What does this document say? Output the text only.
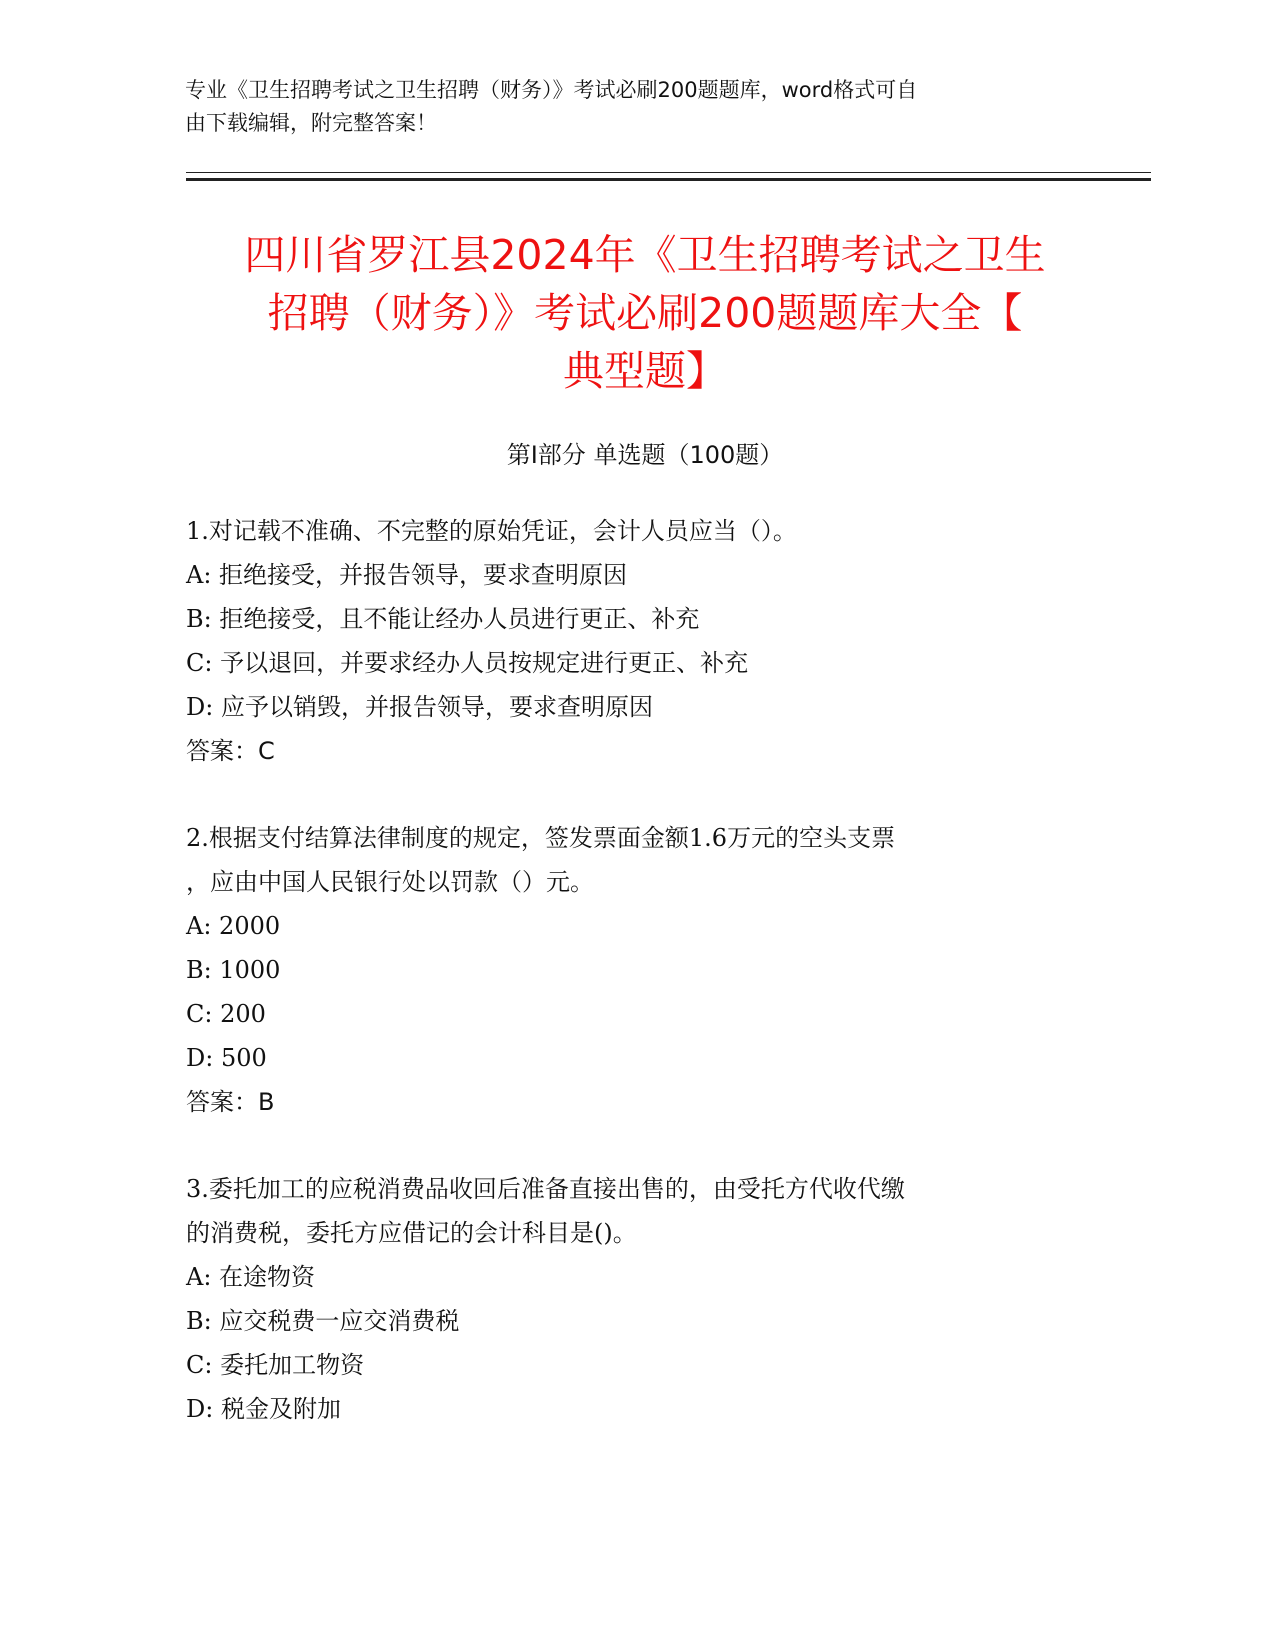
专业《卫生招聘考试之卫生招聘（财务）》考试必刷200题题库，word格式可自
由下载编辑，附完整答案！
四川省罗江县2024年《卫生招聘考试之卫生
招聘（财务）》考试必刷200题题库大全【
典型题】
第I部分 单选题（100题）
1.对记载不准确、不完整的原始凭证，会计人员应当（）。
A: 拒绝接受，并报告领导，要求查明原因
B: 拒绝接受，且不能让经办人员进行更正、补充
C: 予以退回，并要求经办人员按规定进行更正、补充
D: 应予以销毁，并报告领导，要求查明原因
答案：C
2.根据支付结算法律制度的规定，签发票面金额1.6万元的空头支票
，应由中国人民银行处以罚款（）元。
A: 2000
B: 1000
C: 200
D: 500
答案：B
3.委托加工的应税消费品收回后准备直接出售的，由受托方代收代缴
的消费税，委托方应借记的会计科目是()。
A: 在途物资
B: 应交税费一应交消费税
C: 委托加工物资
D: 税金及附加
